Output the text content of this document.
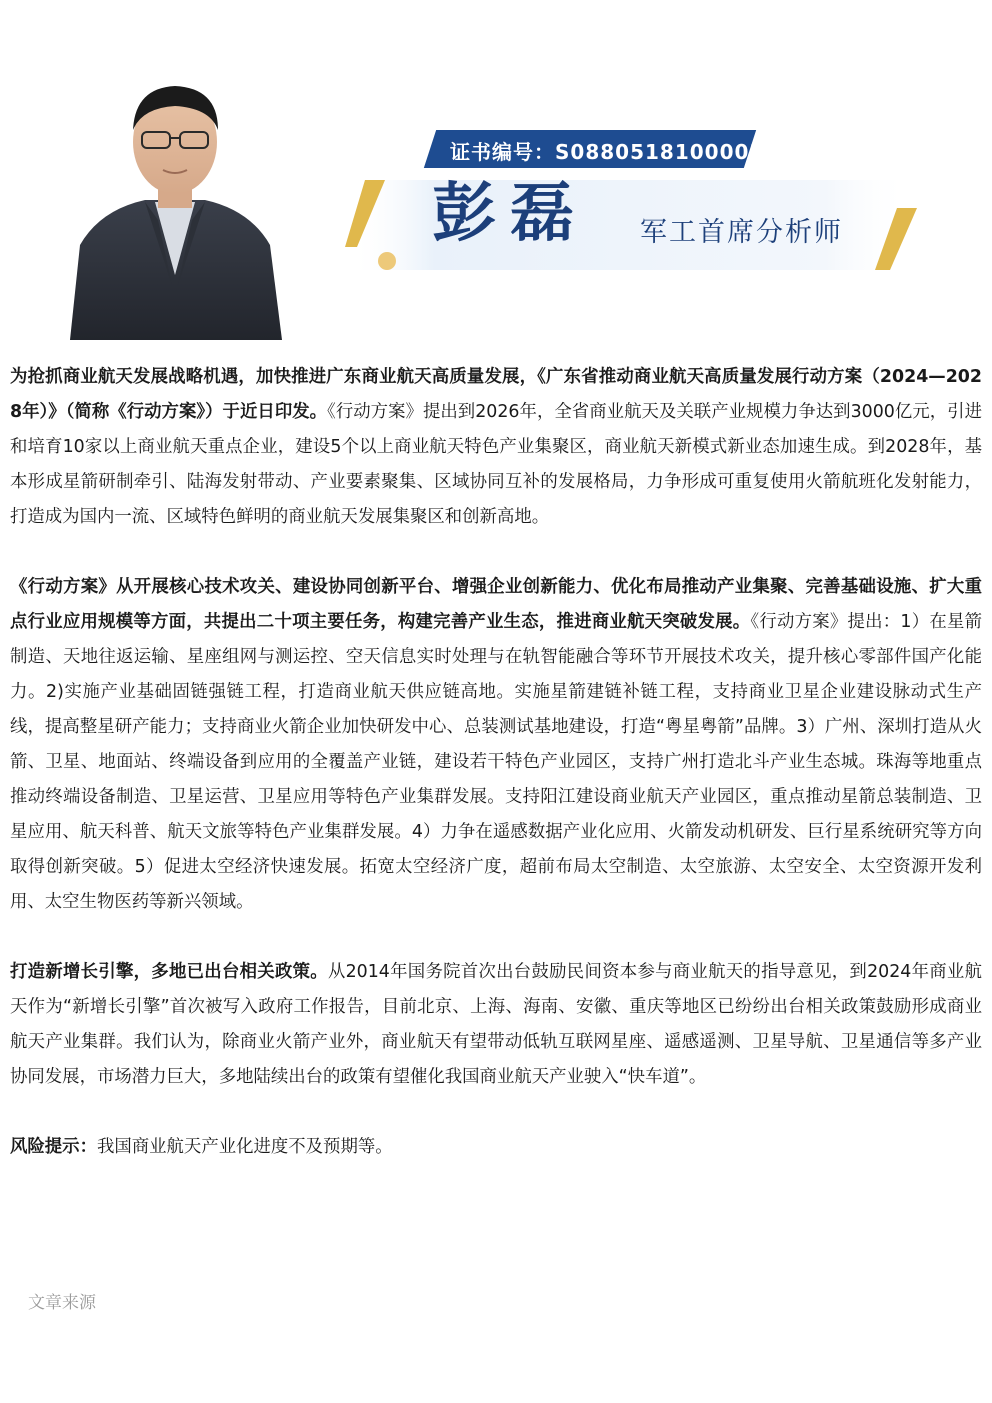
证书编号：S0880518100003
彭磊 军工首席分析师

为抢抓商业航天发展战略机遇，加快推进广东商业航天高质量发展，《广东省推动商业航天高质量发展行动方案（2024—2028年）》（简称《行动方案》）于近日印发。《行动方案》提出到2026年，全省商业航天及关联产业规模力争达到3000亿元，引进和培育10家以上商业航天重点企业，建设5个以上商业航天特色产业集聚区，商业航天新模式新业态加速生成。到2028年，基本形成星箭研制牵引、陆海发射带动、产业要素聚集、区域协同互补的发展格局，力争形成可重复使用火箭航班化发射能力，打造成为国内一流、区域特色鲜明的商业航天发展集聚区和创新高地。

《行动方案》从开展核心技术攻关、建设协同创新平台、增强企业创新能力、优化布局推动产业集聚、完善基础设施、扩大重点行业应用规模等方面，共提出二十项主要任务，构建完善产业生态，推进商业航天突破发展。《行动方案》提出：1）在星箭制造、天地往返运输、星座组网与测运控、空天信息实时处理与在轨智能融合等环节开展技术攻关，提升核心零部件国产化能力。2)实施产业基础固链强链工程，打造商业航天供应链高地。实施星箭建链补链工程，支持商业卫星企业建设脉动式生产线，提高整星研产能力；支持商业火箭企业加快研发中心、总装测试基地建设，打造“粤星粤箭”品牌。3）广州、深圳打造从火箭、卫星、地面站、终端设备到应用的全覆盖产业链，建设若干特色产业园区，支持广州打造北斗产业生态城。珠海等地重点推动终端设备制造、卫星运营、卫星应用等特色产业集群发展。支持阳江建设商业航天产业园区，重点推动星箭总装制造、卫星应用、航天科普、航天文旅等特色产业集群发展。4）力争在遥感数据产业化应用、火箭发动机研发、巨行星系统研究等方向取得创新突破。5）促进太空经济快速发展。拓宽太空经济广度，超前布局太空制造、太空旅游、太空安全、太空资源开发利用、太空生物医药等新兴领域。

打造新增长引擎，多地已出台相关政策。从2014年国务院首次出台鼓励民间资本参与商业航天的指导意见，到2024年商业航天作为“新增长引擎”首次被写入政府工作报告，目前北京、上海、海南、安徽、重庆等地区已纷纷出台相关政策鼓励形成商业航天产业集群。我们认为，除商业火箭产业外，商业航天有望带动低轨互联网星座、遥感遥测、卫星导航、卫星通信等多产业协同发展，市场潜力巨大，多地陆续出台的政策有望催化我国商业航天产业驶入“快车道”。

风险提示：我国商业航天产业化进度不及预期等。

文章来源
